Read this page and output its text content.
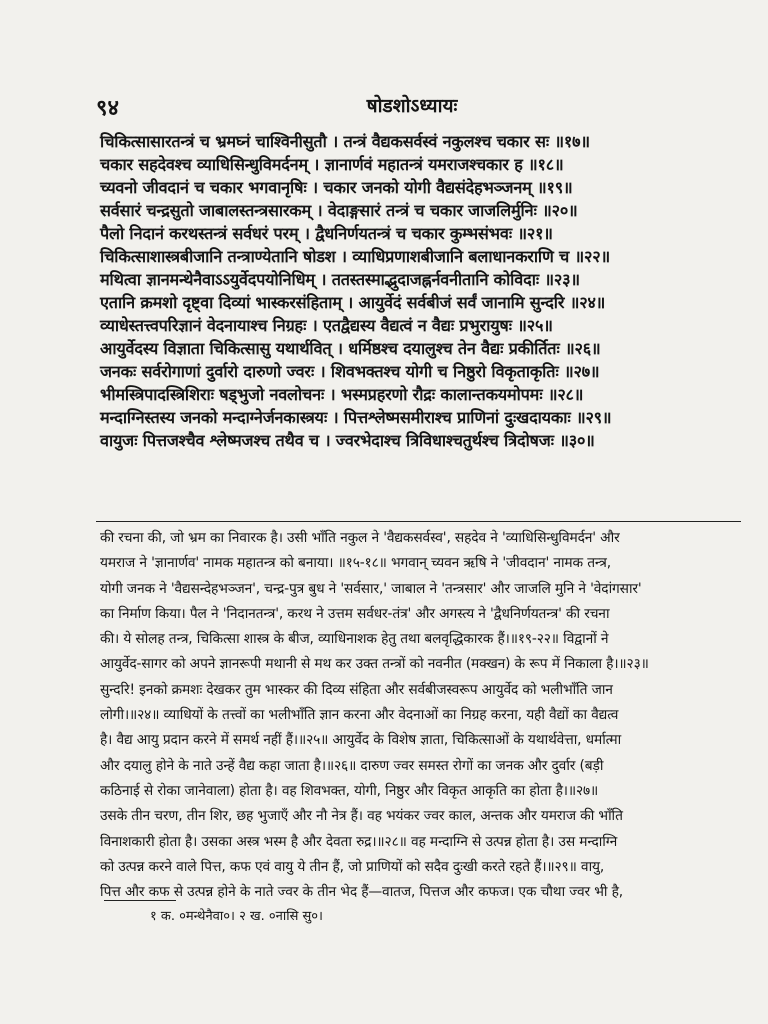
९४	षोडशोऽध्यायः
चिकित्सासारतन्त्रं च भ्रमघ्नं चाश्विनीसुतौ । तन्त्रं वैद्यकसर्वस्वं नकुलश्च चकार सः ॥१७॥
चकार सहदेवश्च व्याधिसिन्धुविमर्दनम् । ज्ञानार्णवं महातन्त्रं यमराजश्चकार ह ॥१८॥
च्यवनो जीवदानं च चकार भगवानृषिः । चकार जनको योगी वैद्यसंदेहभञ्जनम् ॥१९॥
सर्वसारं चन्द्रसुतो जाबालस्तन्त्रसारकम् । वेदाङ्गसारं तन्त्रं च चकार जाजलिर्मुनिः ॥२०॥
पैलो निदानं करथस्तन्त्रं सर्वधरं परम् । द्वैधनिर्णयतन्त्रं च चकार कुम्भसंभवः ॥२१॥
चिकित्साशास्त्रबीजानि तन्त्राण्येतानि षोडश । व्याधिप्रणाशबीजानि बलाधानकराणि च ॥२२॥
मथित्वा ज्ञानमन्थेनैवाऽऽयुर्वेदपयोनिधिम् । ततस्तस्माद्भुदाजह्नर्नवनीतानि कोविदाः ॥२३॥
एतानि क्रमशो दृष्ट्वा दिव्यां भास्करसंहिताम् । आयुर्वेदं सर्वबीजं सर्वं जानामि सुन्दरि ॥२४॥
व्याधेस्तत्त्वपरिज्ञानं वेदनायाश्च निग्रहः । एतद्वैद्यस्य वैद्यत्वं न वैद्यः प्रभुरायुषः ॥२५॥
आयुर्वेदस्य विज्ञाता चिकित्सासु यथार्थवित् । धर्मिष्ठश्च दयालुश्च तेन वैद्यः प्रकीर्तितः ॥२६॥
जनकः सर्वरोगाणां दुर्वारो दारुणो ज्वरः । शिवभक्तश्च योगी च निष्ठुरो विकृताकृतिः ॥२७॥
भीमस्त्रिपादस्त्रिशिराः षड्भुजो नवलोचनः । भस्मप्रहरणो रौद्रः कालान्तकयमोपमः ॥२८॥
मन्दाग्निस्तस्य जनको मन्दाग्नेर्जनकास्त्रयः । पित्तश्लेष्मसमीराश्च प्राणिनां दुःखदायकाः ॥२९॥
वायुजः पित्तजश्चैव श्लेष्मजश्च तथैव च । ज्वरभेदाश्च त्रिविधाश्चतुर्थश्च त्रिदोषजः ॥३०॥
की रचना की, जो भ्रम का निवारक है। उसी भाँति नकुल ने 'वैद्यकसर्वस्व', सहदेव ने 'व्याधिसिन्धुविमर्दन' और
यमराज ने 'ज्ञानार्णव' नामक महातन्त्र को बनाया। ॥१५-१८॥ भगवान् च्यवन ऋषि ने 'जीवदान' नामक तन्त्र,
योगी जनक ने 'वैद्यसन्देहभञ्जन', चन्द्र-पुत्र बुध ने 'सर्वसार,' जाबाल ने 'तन्त्रसार' और जाजलि मुनि ने 'वेदांगसार'
का निर्माण किया। पैल ने 'निदानतन्त्र', करथ ने उत्तम सर्वधर-तंत्र' और अगस्त्य ने 'द्वैधनिर्णयतन्त्र' की रचना
की। ये सोलह तन्त्र, चिकित्सा शास्त्र के बीज, व्याधिनाशक हेतु तथा बलवृद्धिकारक हैं।॥१९-२२॥ विद्वानों ने
आयुर्वेद-सागर को अपने ज्ञानरूपी मथानी से मथ कर उक्त तन्त्रों को नवनीत (मक्खन) के रूप में निकाला है।॥२३॥
सुन्दरि! इनको क्रमशः देखकर तुम भास्कर की दिव्य संहिता और सर्वबीजस्वरूप आयुर्वेद को भलीभाँति जान
लोगी।॥२४॥ व्याधियों के तत्त्वों का भलीभाँति ज्ञान करना और वेदनाओं का निग्रह करना, यही वैद्यों का वैद्यत्व
है। वैद्य आयु प्रदान करने में समर्थ नहीं हैं।॥२५॥ आयुर्वेद के विशेष ज्ञाता, चिकित्साओं के यथार्थवेत्ता, धर्मात्मा
और दयालु होने के नाते उन्हें वैद्य कहा जाता है।॥२६॥ दारुण ज्वर समस्त रोगों का जनक और दुर्वार (बड़ी
कठिनाई से रोका जानेवाला) होता है। वह शिवभक्त, योगी, निष्ठुर और विकृत आकृति का होता है।॥२७॥
उसके तीन चरण, तीन शिर, छह भुजाएँ और नौ नेत्र हैं। वह भयंकर ज्वर काल, अन्तक और यमराज की भाँति
विनाशकारी होता है। उसका अस्त्र भस्म है और देवता रुद्र।॥२८॥ वह मन्दाग्नि से उत्पन्न होता है। उस मन्दाग्नि
को उत्पन्न करने वाले पित्त, कफ एवं वायु ये तीन हैं, जो प्राणियों को सदैव दुःखी करते रहते हैं।॥२९॥ वायु,
पित्त और कफ से उत्पन्न होने के नाते ज्वर के तीन भेद हैं—वातज, पित्तज और कफज। एक चौथा ज्वर भी है,
१ क. ०मन्थेनैवा०। २ ख. ०नासि सु०।
